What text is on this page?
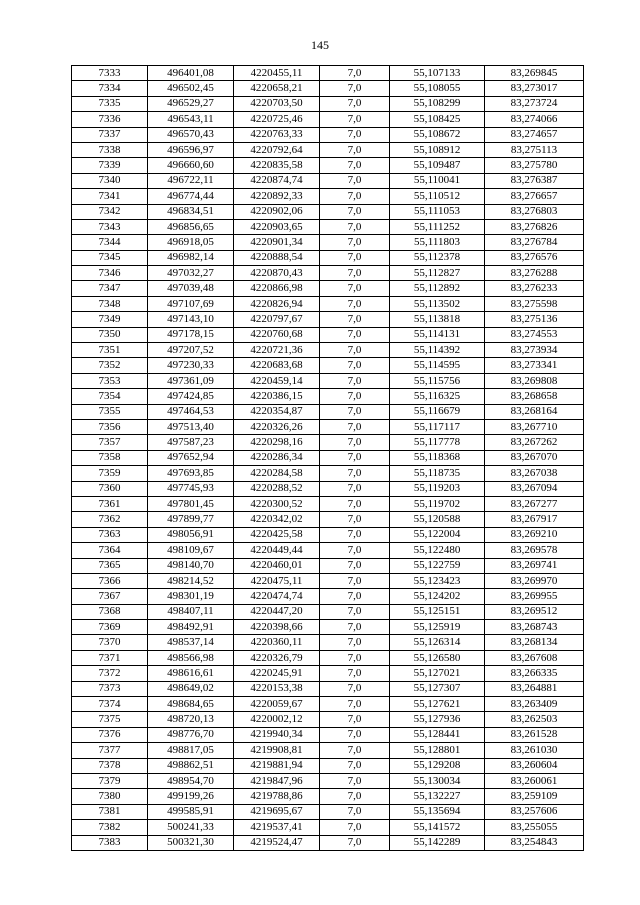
145
7333	496401,08	4220455,11	7,0	55,107133	83,269845
7334	496502,45	4220658,21	7,0	55,108055	83,273017
7335	496529,27	4220703,50	7,0	55,108299	83,273724
7336	496543,11	4220725,46	7,0	55,108425	83,274066
7337	496570,43	4220763,33	7,0	55,108672	83,274657
7338	496596,97	4220792,64	7,0	55,108912	83,275113
7339	496660,60	4220835,58	7,0	55,109487	83,275780
7340	496722,11	4220874,74	7,0	55,110041	83,276387
7341	496774,44	4220892,33	7,0	55,110512	83,276657
7342	496834,51	4220902,06	7,0	55,111053	83,276803
7343	496856,65	4220903,65	7,0	55,111252	83,276826
7344	496918,05	4220901,34	7,0	55,111803	83,276784
7345	496982,14	4220888,54	7,0	55,112378	83,276576
7346	497032,27	4220870,43	7,0	55,112827	83,276288
7347	497039,48	4220866,98	7,0	55,112892	83,276233
7348	497107,69	4220826,94	7,0	55,113502	83,275598
7349	497143,10	4220797,67	7,0	55,113818	83,275136
7350	497178,15	4220760,68	7,0	55,114131	83,274553
7351	497207,52	4220721,36	7,0	55,114392	83,273934
7352	497230,33	4220683,68	7,0	55,114595	83,273341
7353	497361,09	4220459,14	7,0	55,115756	83,269808
7354	497424,85	4220386,15	7,0	55,116325	83,268658
7355	497464,53	4220354,87	7,0	55,116679	83,268164
7356	497513,40	4220326,26	7,0	55,117117	83,267710
7357	497587,23	4220298,16	7,0	55,117778	83,267262
7358	497652,94	4220286,34	7,0	55,118368	83,267070
7359	497693,85	4220284,58	7,0	55,118735	83,267038
7360	497745,93	4220288,52	7,0	55,119203	83,267094
7361	497801,45	4220300,52	7,0	55,119702	83,267277
7362	497899,77	4220342,02	7,0	55,120588	83,267917
7363	498056,91	4220425,58	7,0	55,122004	83,269210
7364	498109,67	4220449,44	7,0	55,122480	83,269578
7365	498140,70	4220460,01	7,0	55,122759	83,269741
7366	498214,52	4220475,11	7,0	55,123423	83,269970
7367	498301,19	4220474,74	7,0	55,124202	83,269955
7368	498407,11	4220447,20	7,0	55,125151	83,269512
7369	498492,91	4220398,66	7,0	55,125919	83,268743
7370	498537,14	4220360,11	7,0	55,126314	83,268134
7371	498566,98	4220326,79	7,0	55,126580	83,267608
7372	498616,61	4220245,91	7,0	55,127021	83,266335
7373	498649,02	4220153,38	7,0	55,127307	83,264881
7374	498684,65	4220059,67	7,0	55,127621	83,263409
7375	498720,13	4220002,12	7,0	55,127936	83,262503
7376	498776,70	4219940,34	7,0	55,128441	83,261528
7377	498817,05	4219908,81	7,0	55,128801	83,261030
7378	498862,51	4219881,94	7,0	55,129208	83,260604
7379	498954,70	4219847,96	7,0	55,130034	83,260061
7380	499199,26	4219788,86	7,0	55,132227	83,259109
7381	499585,91	4219695,67	7,0	55,135694	83,257606
7382	500241,33	4219537,41	7,0	55,141572	83,255055
7383	500321,30	4219524,47	7,0	55,142289	83,254843
